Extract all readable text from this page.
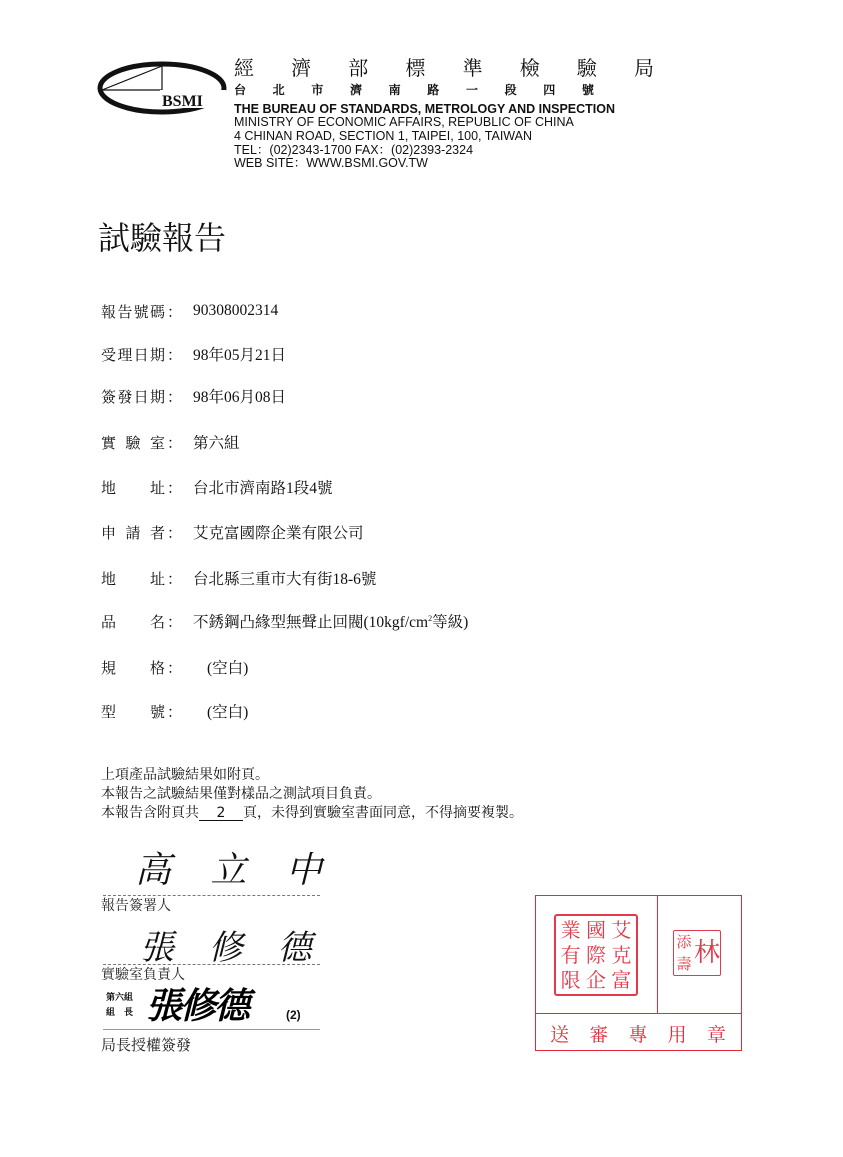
BSMI
經 濟 部 標 準 檢 驗 局
台 北 市 濟 南 路 一 段 四 號
THE BUREAU OF STANDARDS, METROLOGY AND INSPECTION
MINISTRY OF ECONOMIC AFFAIRS, REPUBLIC OF CHINA
4 CHINAN ROAD, SECTION 1, TAIPEI, 100, TAIWAN
TEL：(02)2343-1700 FAX：(02)2393-2324
WEB SITE：WWW.BSMI.GOV.TW
試驗報告
報 告 號 碼 ： 90308002314
受 理 日 期 ： 98年05月21日
簽 發 日 期 ： 98年06月08日
實 驗 室 ： 第六組
地 址 ： 台北市濟南路1段4號
申 請 者 ： 艾克富國際企業有限公司
地 址 ： 台北縣三重市大有街18-6號
品 名 ： 不銹鋼凸緣型無聲止回閥($10kgf/cm^2$等級)
規 格 ：	(空白)
型 號 ：	(空白)
上項產品試驗結果如附頁。
本報告之試驗結果僅對樣品之測試項目負責。
本報告含附頁共 2 頁，未得到實驗室書面同意，不得摘要複製。
高 立 中
報告簽署人
張 修 德
實驗室負責人
第六組
組　長 張修德	(2)
局長授權簽發
艾
克
富
國
際
企
業
有
限
林
添
壽
送 審 專 用 章
